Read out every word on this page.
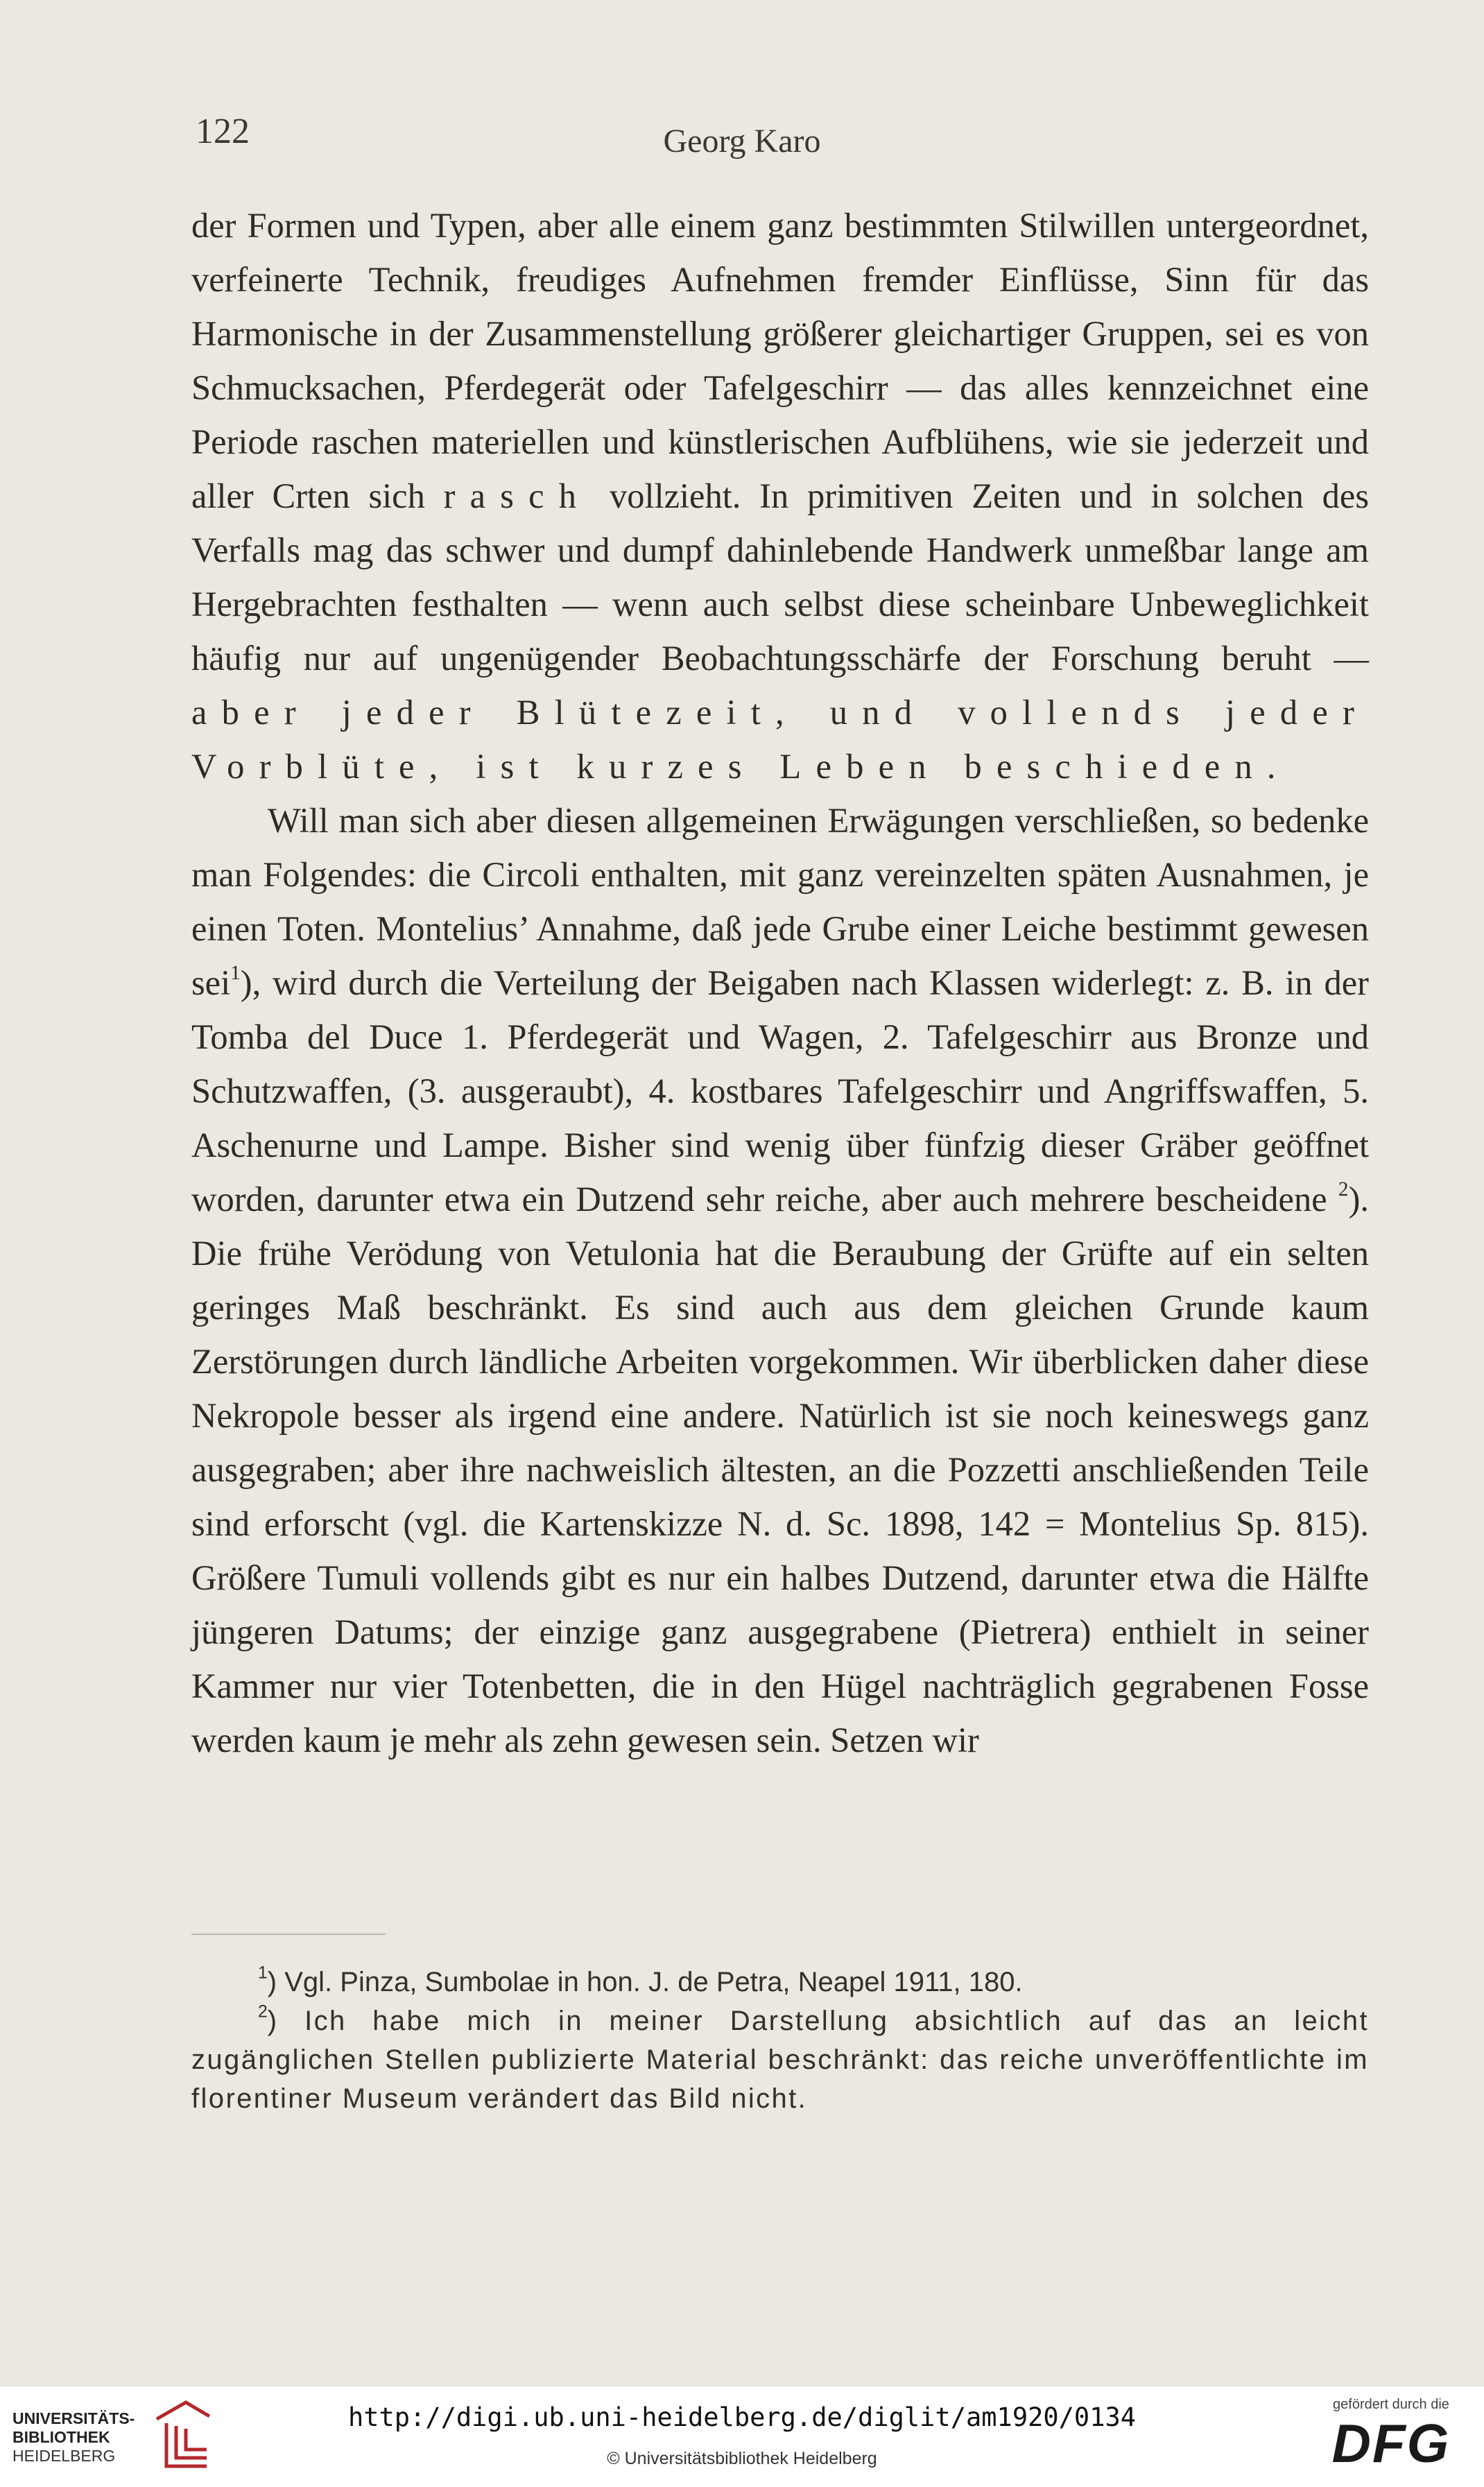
122	Georg Karo

der Formen und Typen, aber alle einem ganz bestimmten Stilwillen untergeordnet, verfeinerte Technik, freudiges Aufnehmen fremder Einflüsse, Sinn für das Harmonische in der Zusammenstellung größerer gleichartiger Gruppen, sei es von Schmucksachen, Pferdegerät oder Tafelgeschirr — das alles kennzeichnet eine Periode raschen materiellen und künstlerischen Aufblühens, wie sie jederzeit und aller Crten sich rasch vollzieht. In primitiven Zeiten und in solchen des Verfalls mag das schwer und dumpf dahinlebende Handwerk unmeßbar lange am Hergebrachten festhalten — wenn auch selbst diese scheinbare Unbeweglichkeit häufig nur auf ungenügender Beobachtungsschärfe der Forschung beruht — aber jeder Blütezeit, und vollends jeder Vorblüte, ist kurzes Leben beschieden.

Will man sich aber diesen allgemeinen Erwägungen verschließen, so bedenke man Folgendes: die Circoli enthalten, mit ganz vereinzelten späten Ausnahmen, je einen Toten. Montelius’ Annahme, daß jede Grube einer Leiche bestimmt gewesen sei$^1$), wird durch die Verteilung der Beigaben nach Klassen widerlegt: z. B. in der Tomba del Duce 1. Pferdegerät und Wagen, 2. Tafelgeschirr aus Bronze und Schutzwaffen, (3. ausgeraubt), 4. kostbares Tafelgeschirr und Angriffswaffen, 5. Aschenurne und Lampe. Bisher sind wenig über fünfzig dieser Gräber geöffnet worden, darunter etwa ein Dutzend sehr reiche, aber auch mehrere bescheidene $^2$). Die frühe Verödung von Vetulonia hat die Beraubung der Grüfte auf ein selten geringes Maß beschränkt. Es sind auch aus dem gleichen Grunde kaum Zerstörungen durch ländliche Arbeiten vorgekommen. Wir überblicken daher diese Nekropole besser als irgend eine andere. Natürlich ist sie noch keineswegs ganz ausgegraben; aber ihre nachweislich ältesten, an die Pozzetti anschließenden Teile sind erforscht (vgl. die Kartenskizze N. d. Sc. 1898, 142 = Montelius Sp. 815). Größere Tumuli vollends gibt es nur ein halbes Dutzend, darunter etwa die Hälfte jüngeren Datums; der einzige ganz ausgegrabene (Pietrera) enthielt in seiner Kammer nur vier Totenbetten, die in den Hügel nachträglich gegrabenen Fosse werden kaum je mehr als zehn gewesen sein. Setzen wir

$^1$) Vgl. Pinza, Sumbolae in hon. J. de Petra, Neapel 1911, 180.

$^2$) Ich habe mich in meiner Darstellung absichtlich auf das an leicht zugänglichen Stellen publizierte Material beschränkt: das reiche unveröffentlichte im florentiner Museum verändert das Bild nicht.

UNIVERSITÄTS-
BIBLIOTHEK
HEIDELBERG
http://digi.ub.uni-heidelberg.de/diglit/am1920/0134
© Universitätsbibliothek Heidelberg
gefördert durch die
DFG
